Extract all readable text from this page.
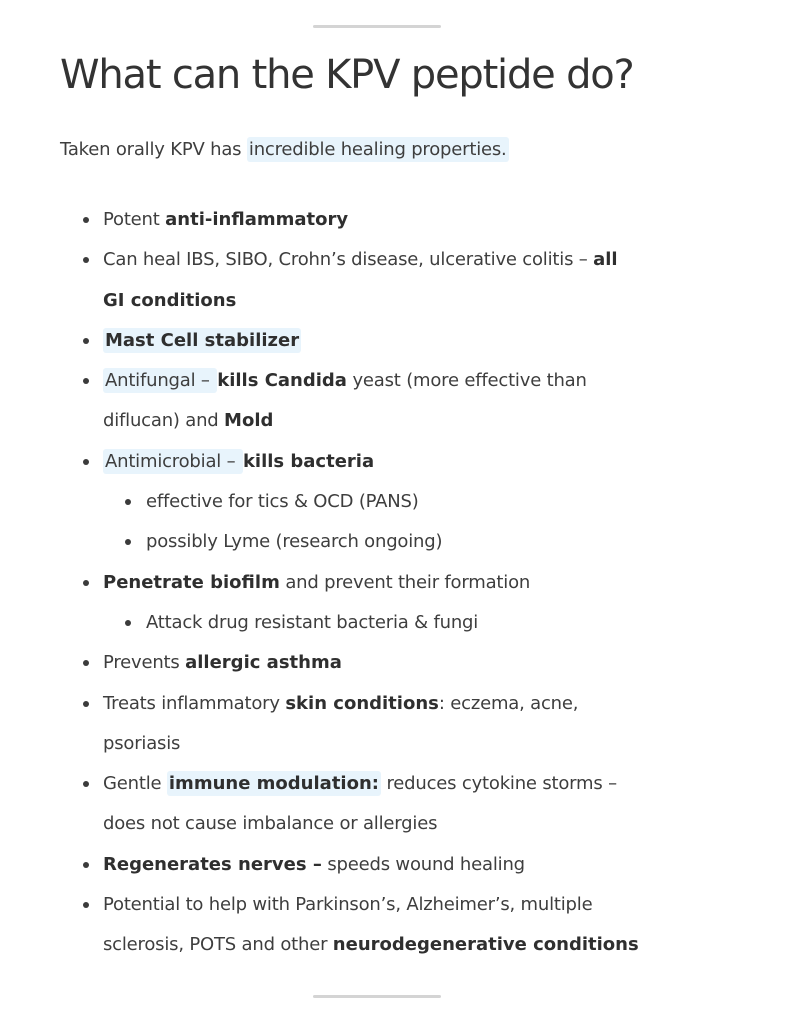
What can the KPV peptide do?

Taken orally KPV has incredible healing properties.

Potent anti-inflammatory
Can heal IBS, SIBO, Crohn’s disease, ulcerative colitis – all
GI conditions
Mast Cell stabilizer
Antifungal – kills Candida yeast (more effective than
diflucan) and Mold
Antimicrobial – kills bacteria
effective for tics & OCD (PANS)
possibly Lyme (research ongoing)
Penetrate biofilm and prevent their formation
Attack drug resistant bacteria & fungi
Prevents allergic asthma
Treats inflammatory skin conditions: eczema, acne,
psoriasis
Gentle immune modulation: reduces cytokine storms –
does not cause imbalance or allergies
Regenerates nerves – speeds wound healing
Potential to help with Parkinson’s, Alzheimer’s, multiple
sclerosis, POTS and other neurodegenerative conditions
